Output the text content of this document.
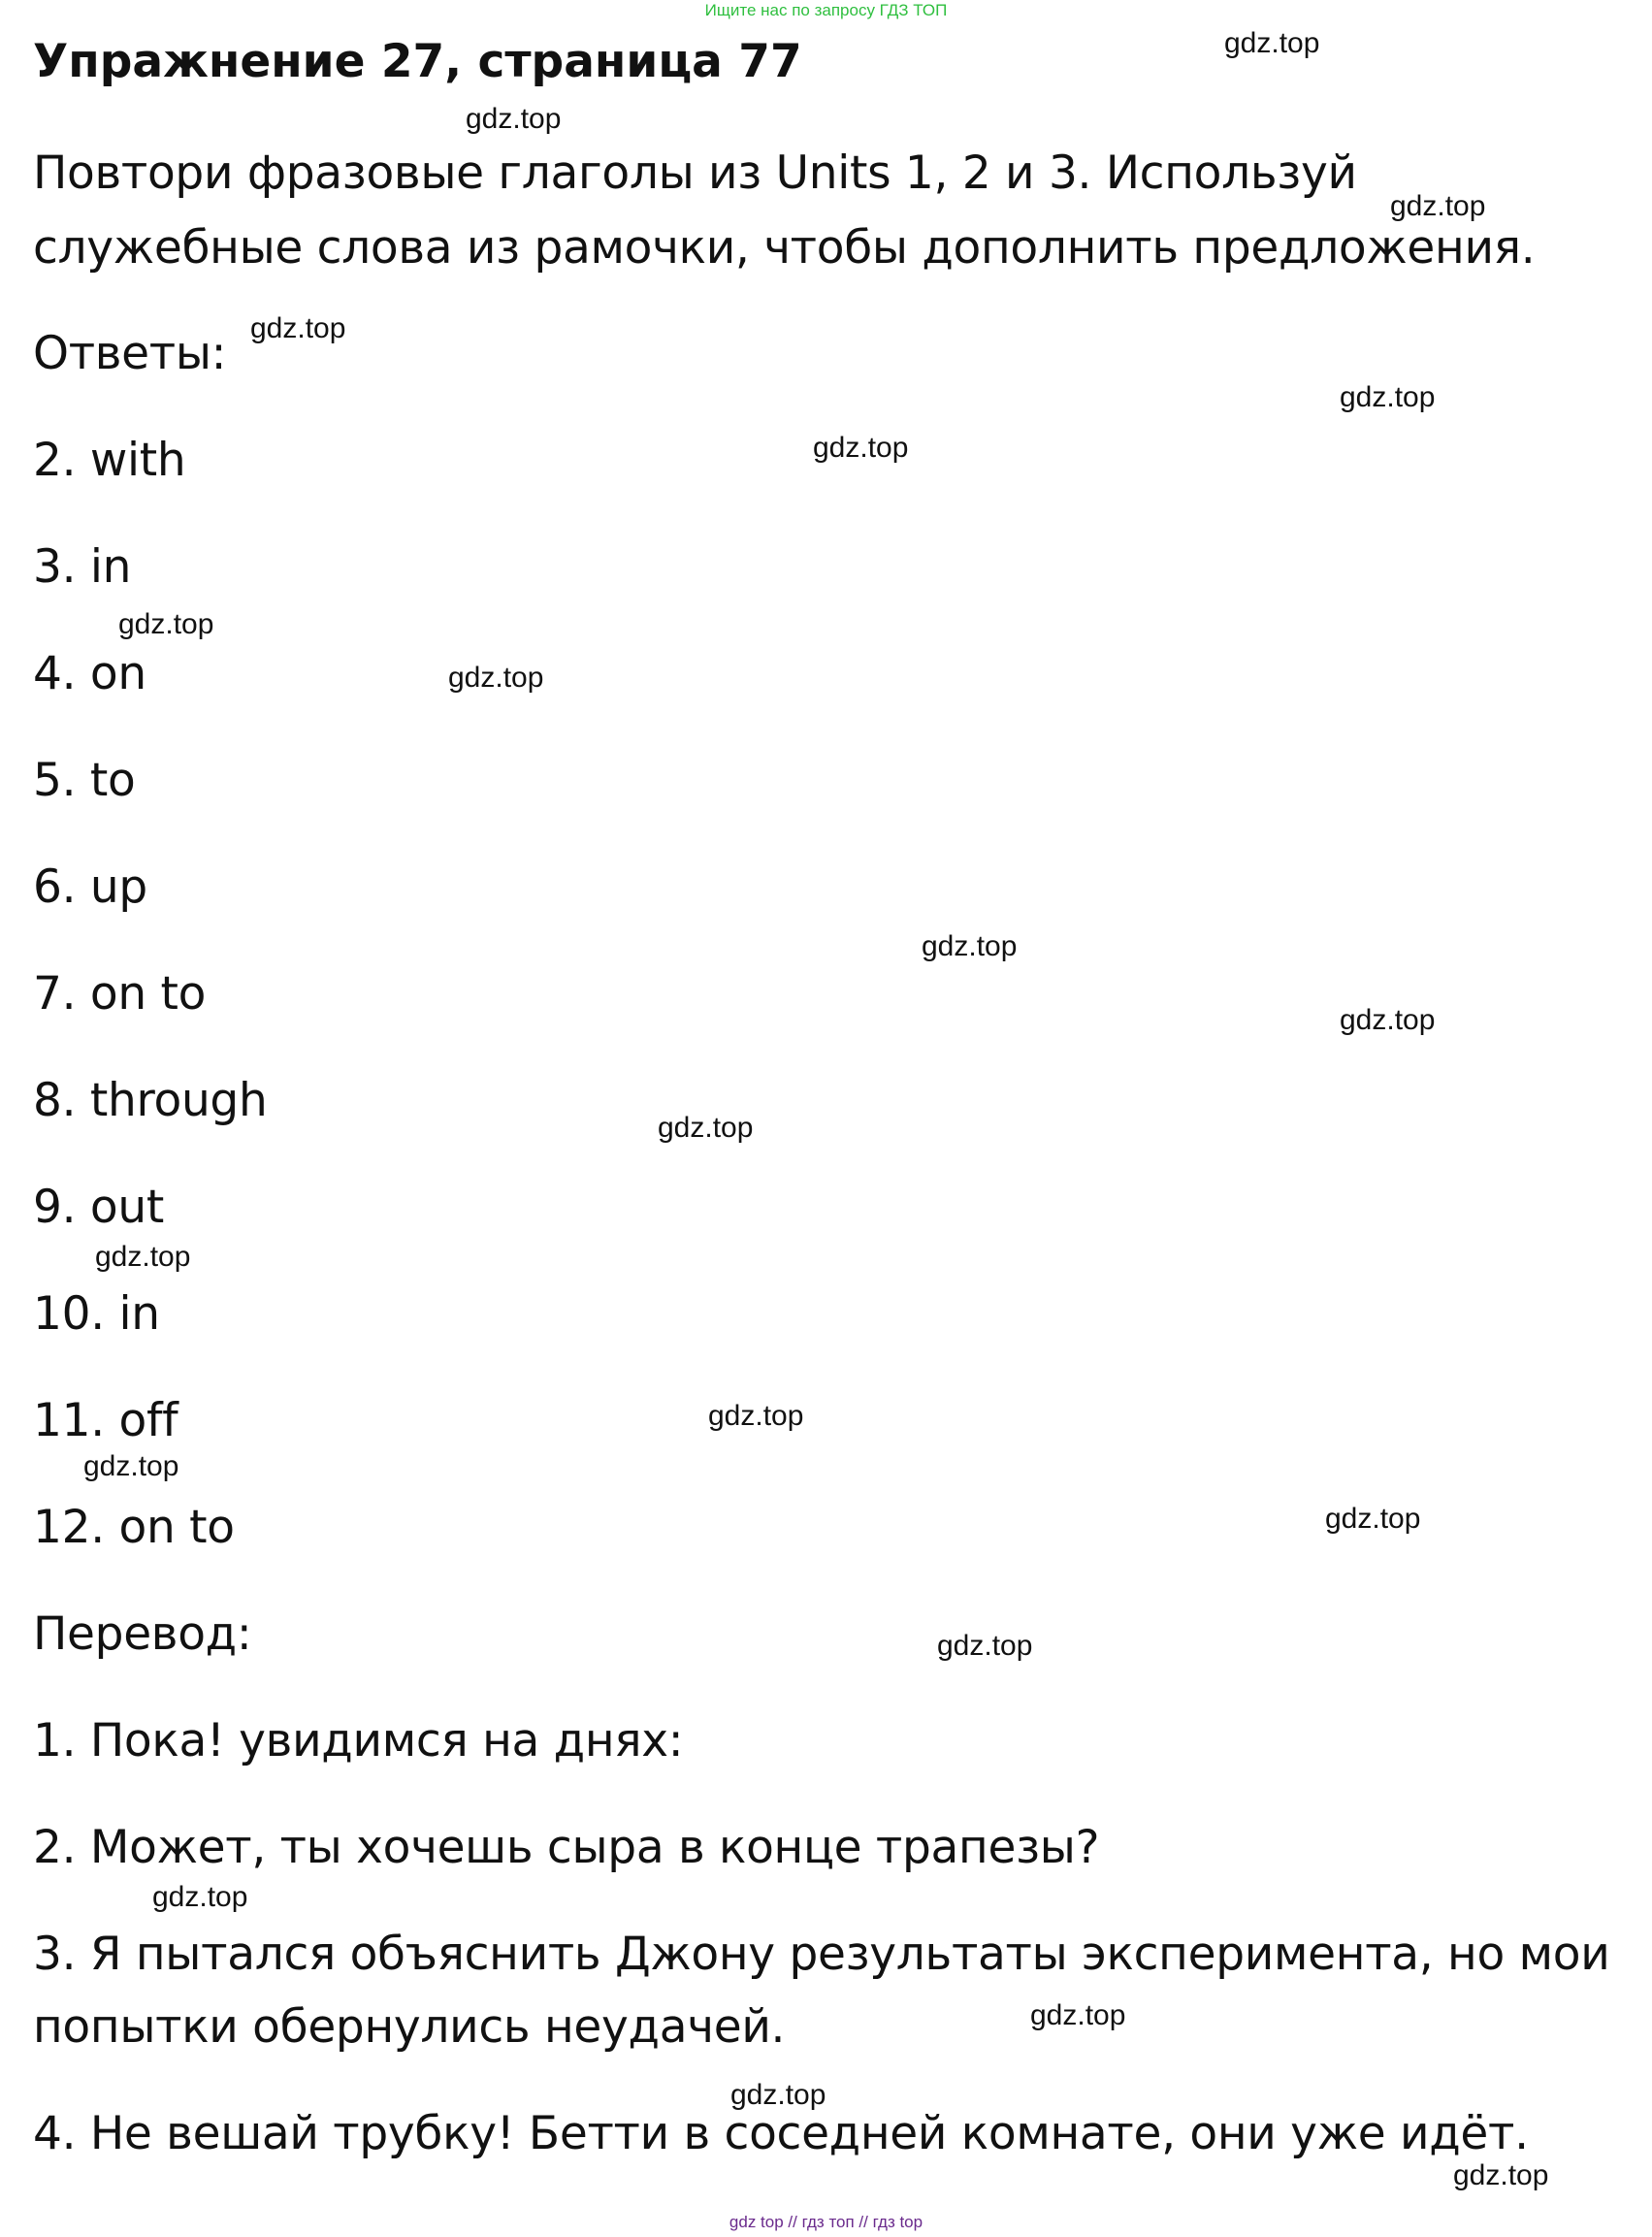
Ищите нас по запросу ГДЗ ТОП
Упражнение 27, страница 77

Повтори фразовые глаголы из Units 1, 2 и 3. Используй
служебные слова из рамочки, чтобы дополнить предложения.

Ответы:
2. with
3. in
4. on
5. to
6. up
7. on to
8. through
9. out
10. in
11. off
12. on to
Перевод:
1. Пока! увидимся на днях:
2. Может, ты хочешь сыра в конце трапезы?
3. Я пытался объяснить Джону результаты эксперимента, но мои
попытки обернулись неудачей.
4. Не вешай трубку! Бетти в соседней комнате, они уже идёт.
gdz.top
gdz.top
gdz.top
gdz.top
gdz.top
gdz.top
gdz.top
gdz.top
gdz.top
gdz.top
gdz.top
gdz.top
gdz.top
gdz.top
gdz.top
gdz.top
gdz.top
gdz.top
gdz.top
gdz.top
gdz top // гдз топ // гдз top
